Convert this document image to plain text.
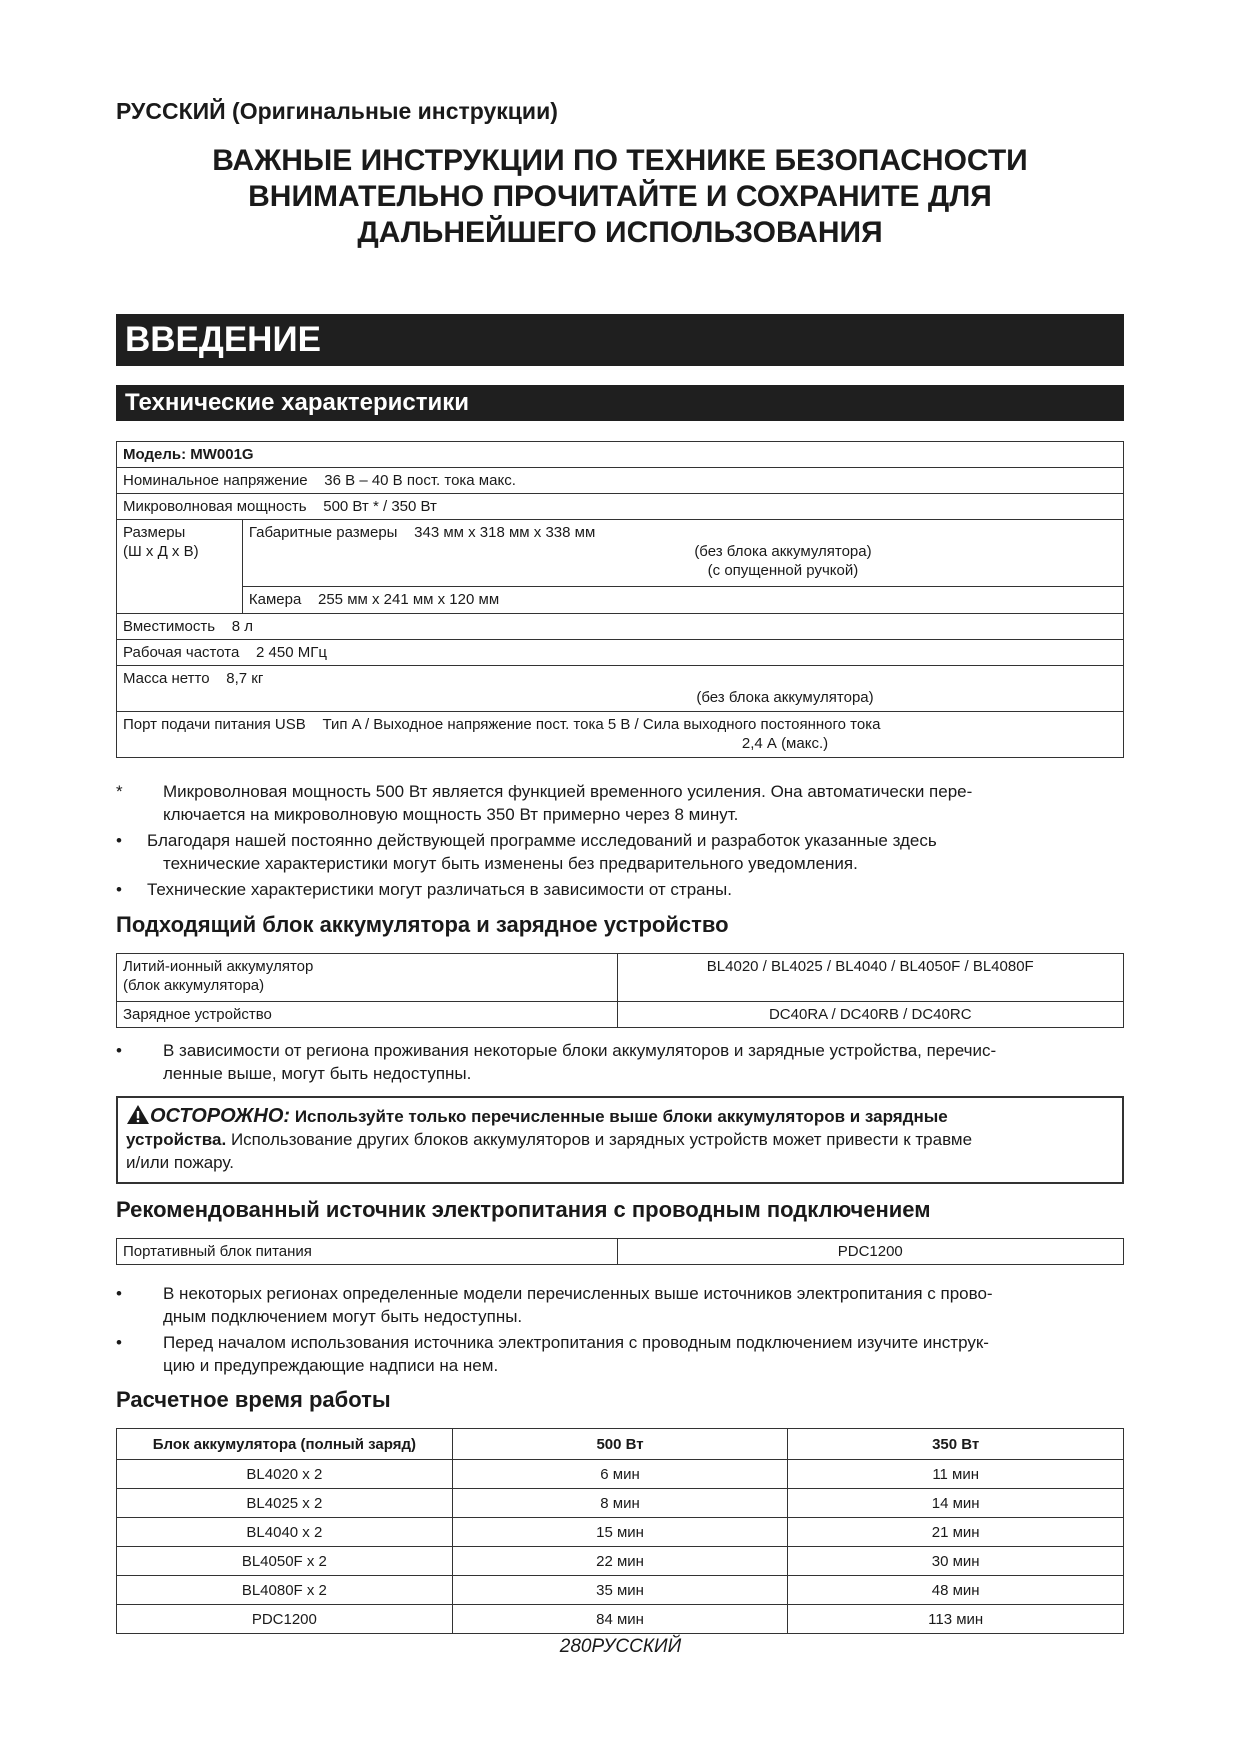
РУССКИЙ (Оригинальные инструкции)
ВАЖНЫЕ ИНСТРУКЦИИ ПО ТЕХНИКЕ БЕЗОПАСНОСТИ
ВНИМАТЕЛЬНО ПРОЧИТАЙТЕ И СОХРАНИТЕ ДЛЯ
ДАЛЬНЕЙШЕГО ИСПОЛЬЗОВАНИЯ
ВВЕДЕНИЕ
Технические характеристики
Модель: MW001G
Номинальное напряжение 36 В – 40 В пост. тока макс.
Микроволновая мощность 500 Вт * / 350 Вт

Размеры
(Ш x Д x В)

Габаритные размеры 343 мм x 318 мм x 338 мм
(без блока аккумулятора)
(с опущенной ручкой)

Камера 255 мм x 241 мм x 120 мм
Вместимость 8 л
Рабочая частота 2 450 МГц

Масса нетто 8,7 кг
(без блока аккумулятора)

Порт подачи питания USB Тип A / Выходное напряжение пост. тока 5 В / Сила выходного постоянного тока
2,4 А (макс.)
* Микроволновая мощность 500 Вт является функцией временного усиления. Она автоматически пере-
ключается на микроволновую мощность 350 Вт примерно через 8 минут.
• Благодаря нашей постоянно действующей программе исследований и разработок указанные здесь
технические характеристики могут быть изменены без предварительного уведомления.
• Технические характеристики могут различаться в зависимости от страны.
Подходящий блок аккумулятора и зарядное устройство
Литий-ионный аккумулятор
(блок аккумулятора)	BL4020 / BL4025 / BL4040 / BL4050F / BL4080F
Зарядное устройство	DC40RA / DC40RB / DC40RC
• В зависимости от региона проживания некоторые блоки аккумуляторов и зарядные устройства, перечис-
ленные выше, могут быть недоступны.
ОСТОРОЖНО: Используйте только перечисленные выше блоки аккумуляторов и зарядные
устройства. Использование других блоков аккумуляторов и зарядных устройств может привести к травме
и/или пожару.
Рекомендованный источник электропитания с проводным подключением
Портативный блок питания	PDC1200
• В некоторых регионах определенные модели перечисленных выше источников электропитания с прово-
дным подключением могут быть недоступны.
• Перед началом использования источника электропитания с проводным подключением изучите инструк-
цию и предупреждающие надписи на нем.
Расчетное время работы
Блок аккумулятора (полный заряд)	500 Вт	350 Вт
BL4020 x 2	6 мин	11 мин
BL4025 x 2	8 мин	14 мин
BL4040 x 2	15 мин	21 мин
BL4050F x 2	22 мин	30 мин
BL4080F x 2	35 мин	48 мин
PDC1200	84 мин	113 мин
280РУССКИЙ
